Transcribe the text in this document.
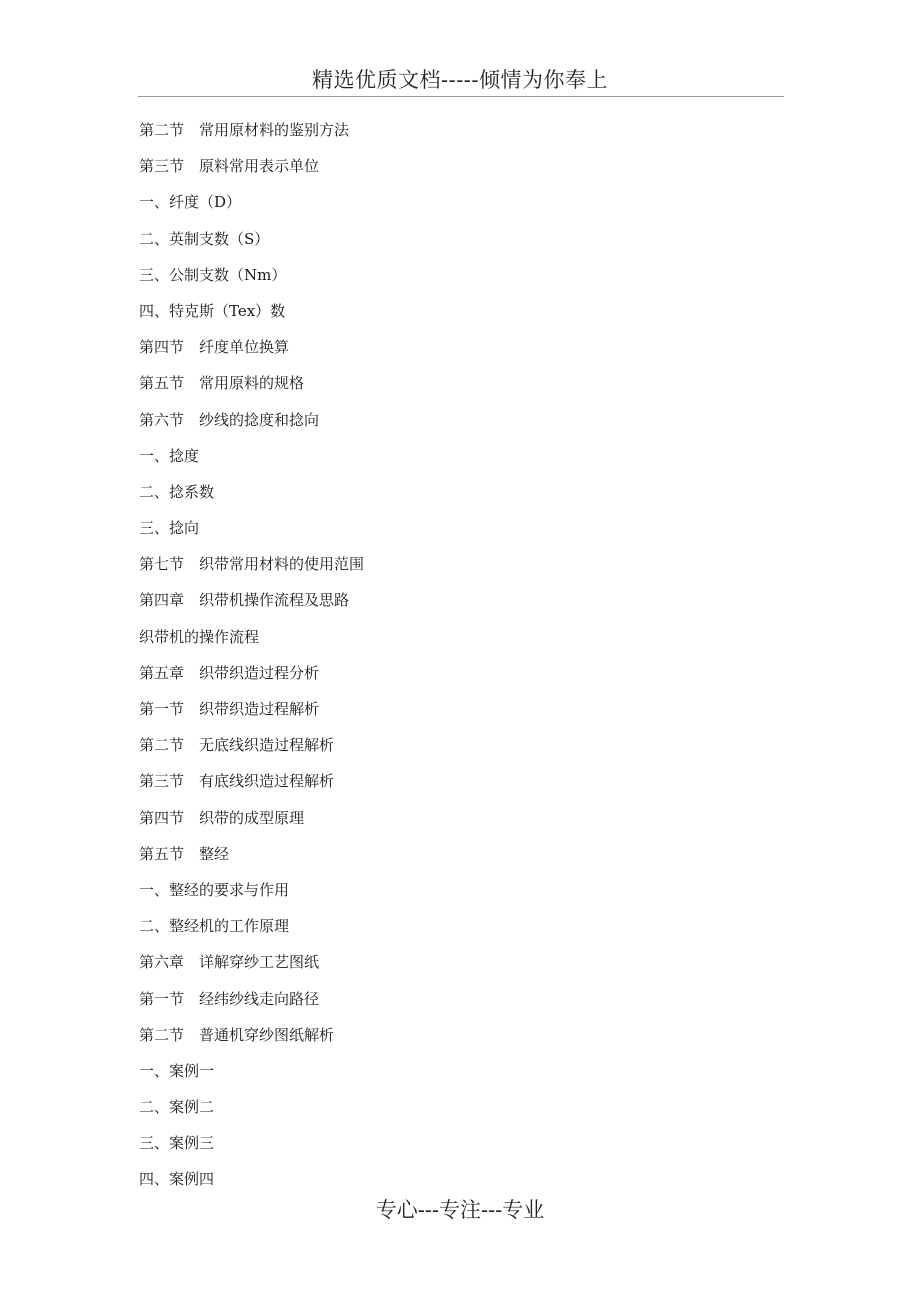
精选优质文档-----倾情为你奉上
第二节　常用原材料的鉴别方法
第三节　原料常用表示单位
一、纤度（D）
二、英制支数（S）
三、公制支数（Nm）
四、特克斯（Tex）数
第四节　纤度单位换算
第五节　常用原料的规格
第六节　纱线的捻度和捻向
一、捻度
二、捻系数
三、捻向
第七节　织带常用材料的使用范围
第四章　织带机操作流程及思路
织带机的操作流程
第五章　织带织造过程分析
第一节　织带织造过程解析
第二节　无底线织造过程解析
第三节　有底线织造过程解析
第四节　织带的成型原理
第五节　整经
一、整经的要求与作用
二、整经机的工作原理
第六章　详解穿纱工艺图纸
第一节　经纬纱线走向路径
第二节　普通机穿纱图纸解析
一、案例一
二、案例二
三、案例三
四、案例四
专心---专注---专业
